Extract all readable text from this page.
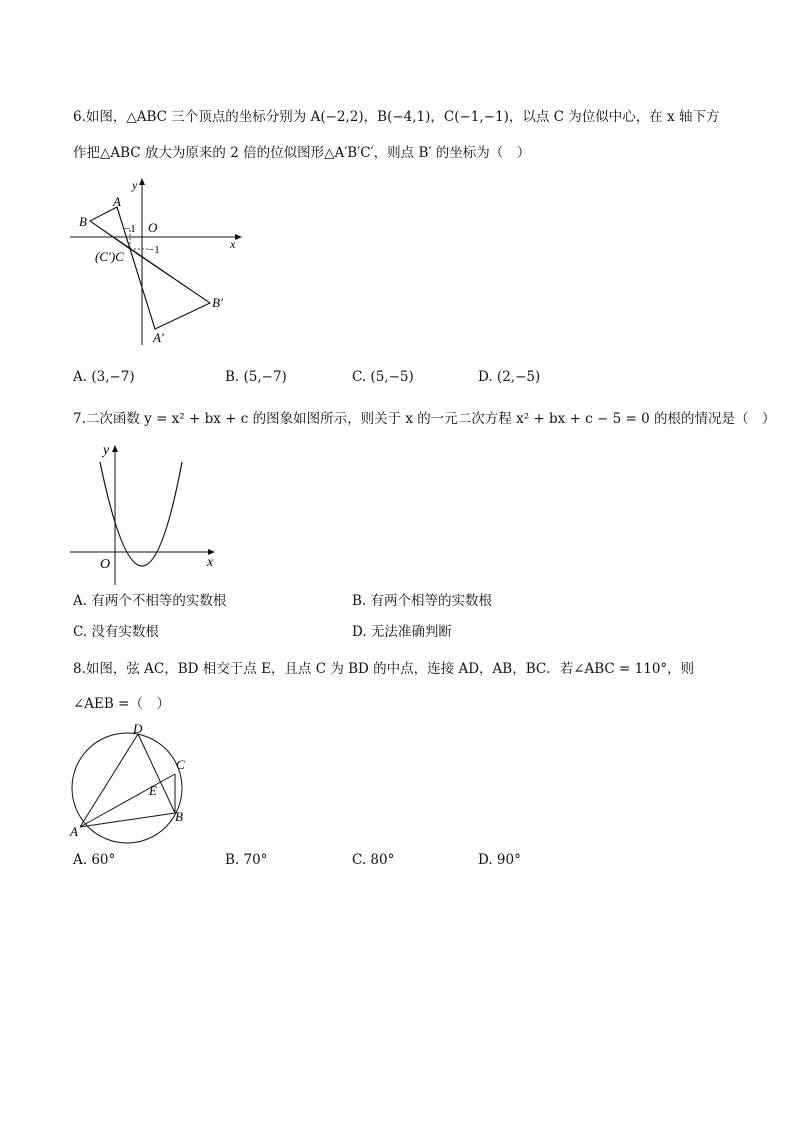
6.如图，△ABC 三个顶点的坐标分别为 A(−2,2)，B(−4,1)，C(−1,−1)，以点 C 为位似中心，在 x 轴下方
作把△ABC 放大为原来的 2 倍的位似图形△A′B′C′，则点 B′ 的坐标为（　）
B
A
y
O
x
−1
−1
(C′)C
B′
A′
A. (3,−7)	B. (5,−7)	C. (5,−5)	D. (2,−5)
7.二次函数 y = x² + bx + c 的图象如图所示，则关于 x 的一元二次方程 x² + bx + c − 5 = 0 的根的情况是（　）
y
O	x
A. 有两个不相等的实数根	B. 有两个相等的实数根
C. 没有实数根	D. 无法准确判断
8.如图，弦 AC，BD 相交于点 E，且点 C 为 BD 的中点，连接 AD，AB，BC．若∠ABC = 110°，则
∠AEB =（　）
D
C
E
A
B
A. 60°	B. 70°	C. 80°	D. 90°
